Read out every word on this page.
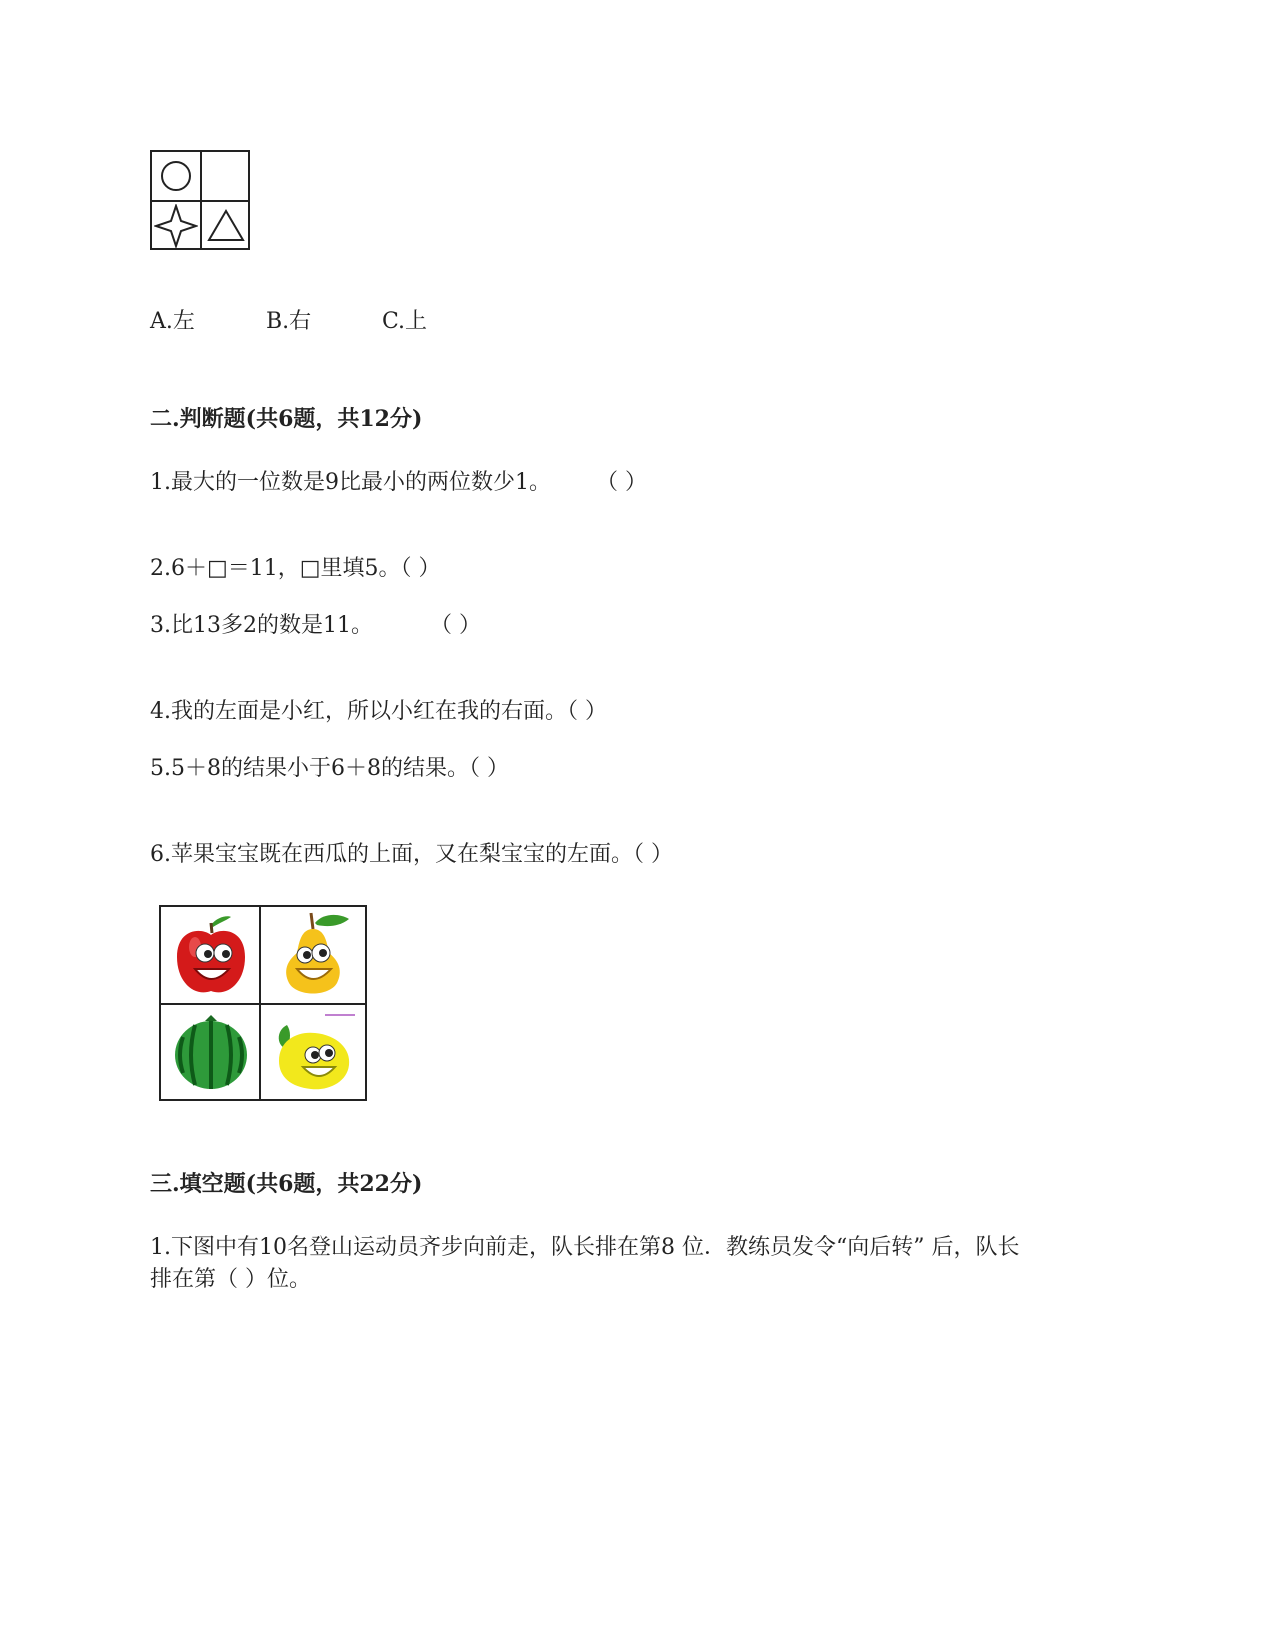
A.左	B.右	C.上
二.判断题(共6题，共12分)
1.最大的一位数是9比最小的两位数少1。 （ ）
2.6＋□＝11，□里填5。（ ）
3.比13多2的数是11。	（ ）
4.我的左面是小红，所以小红在我的右面。（ ）
5.5＋8的结果小于6＋8的结果。（ ）
6.苹果宝宝既在西瓜的上面，又在梨宝宝的左面。（ ）
三.填空题(共6题，共22分)
1.下图中有10名登山运动员齐步向前走，队长排在第8 位．教练员发令“向后转” 后，队长
排在第（ ）位。
